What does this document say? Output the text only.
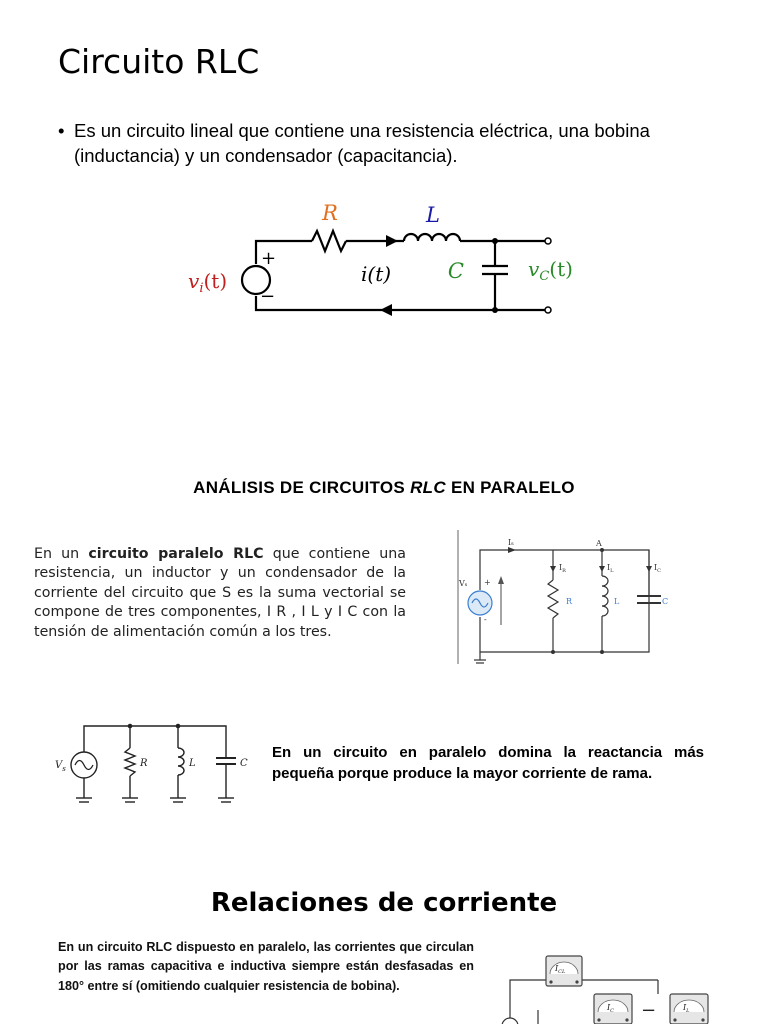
Circuito RLC
• Es un circuito lineal que contiene una resistencia eléctrica, una bobina (inductancia) y un condensador (capacitancia).
R	L
C
$v_i(t)$	i(t)	$v_C(t)$
+
−
ANÁLISIS DE CIRCUITOS RLC EN PARALELO
En un circuito paralelo RLC que contiene una resistencia, un inductor y un condensador de la corriente del circuito que S es la suma vectorial se compone de tres componentes, I R , I L y I C con la tensión de alimentación común a los tres.
Iₛ	A
Vₛ +
-
$I_R$	$I_L$	$I_C$
R	L	C
$V_s$	R	L	C
En un circuito en paralelo domina la reactancia más pequeña porque produce la mayor corriente de rama.
Relaciones de corriente
En un circuito RLC dispuesto en paralelo, las corrientes que circulan por las ramas capacitiva e inductiva siempre están desfasadas en 180° entre sí (omitiendo cualquier resistencia de bobina).
$I_{CL}$
$I_C$ −	$I_L$
